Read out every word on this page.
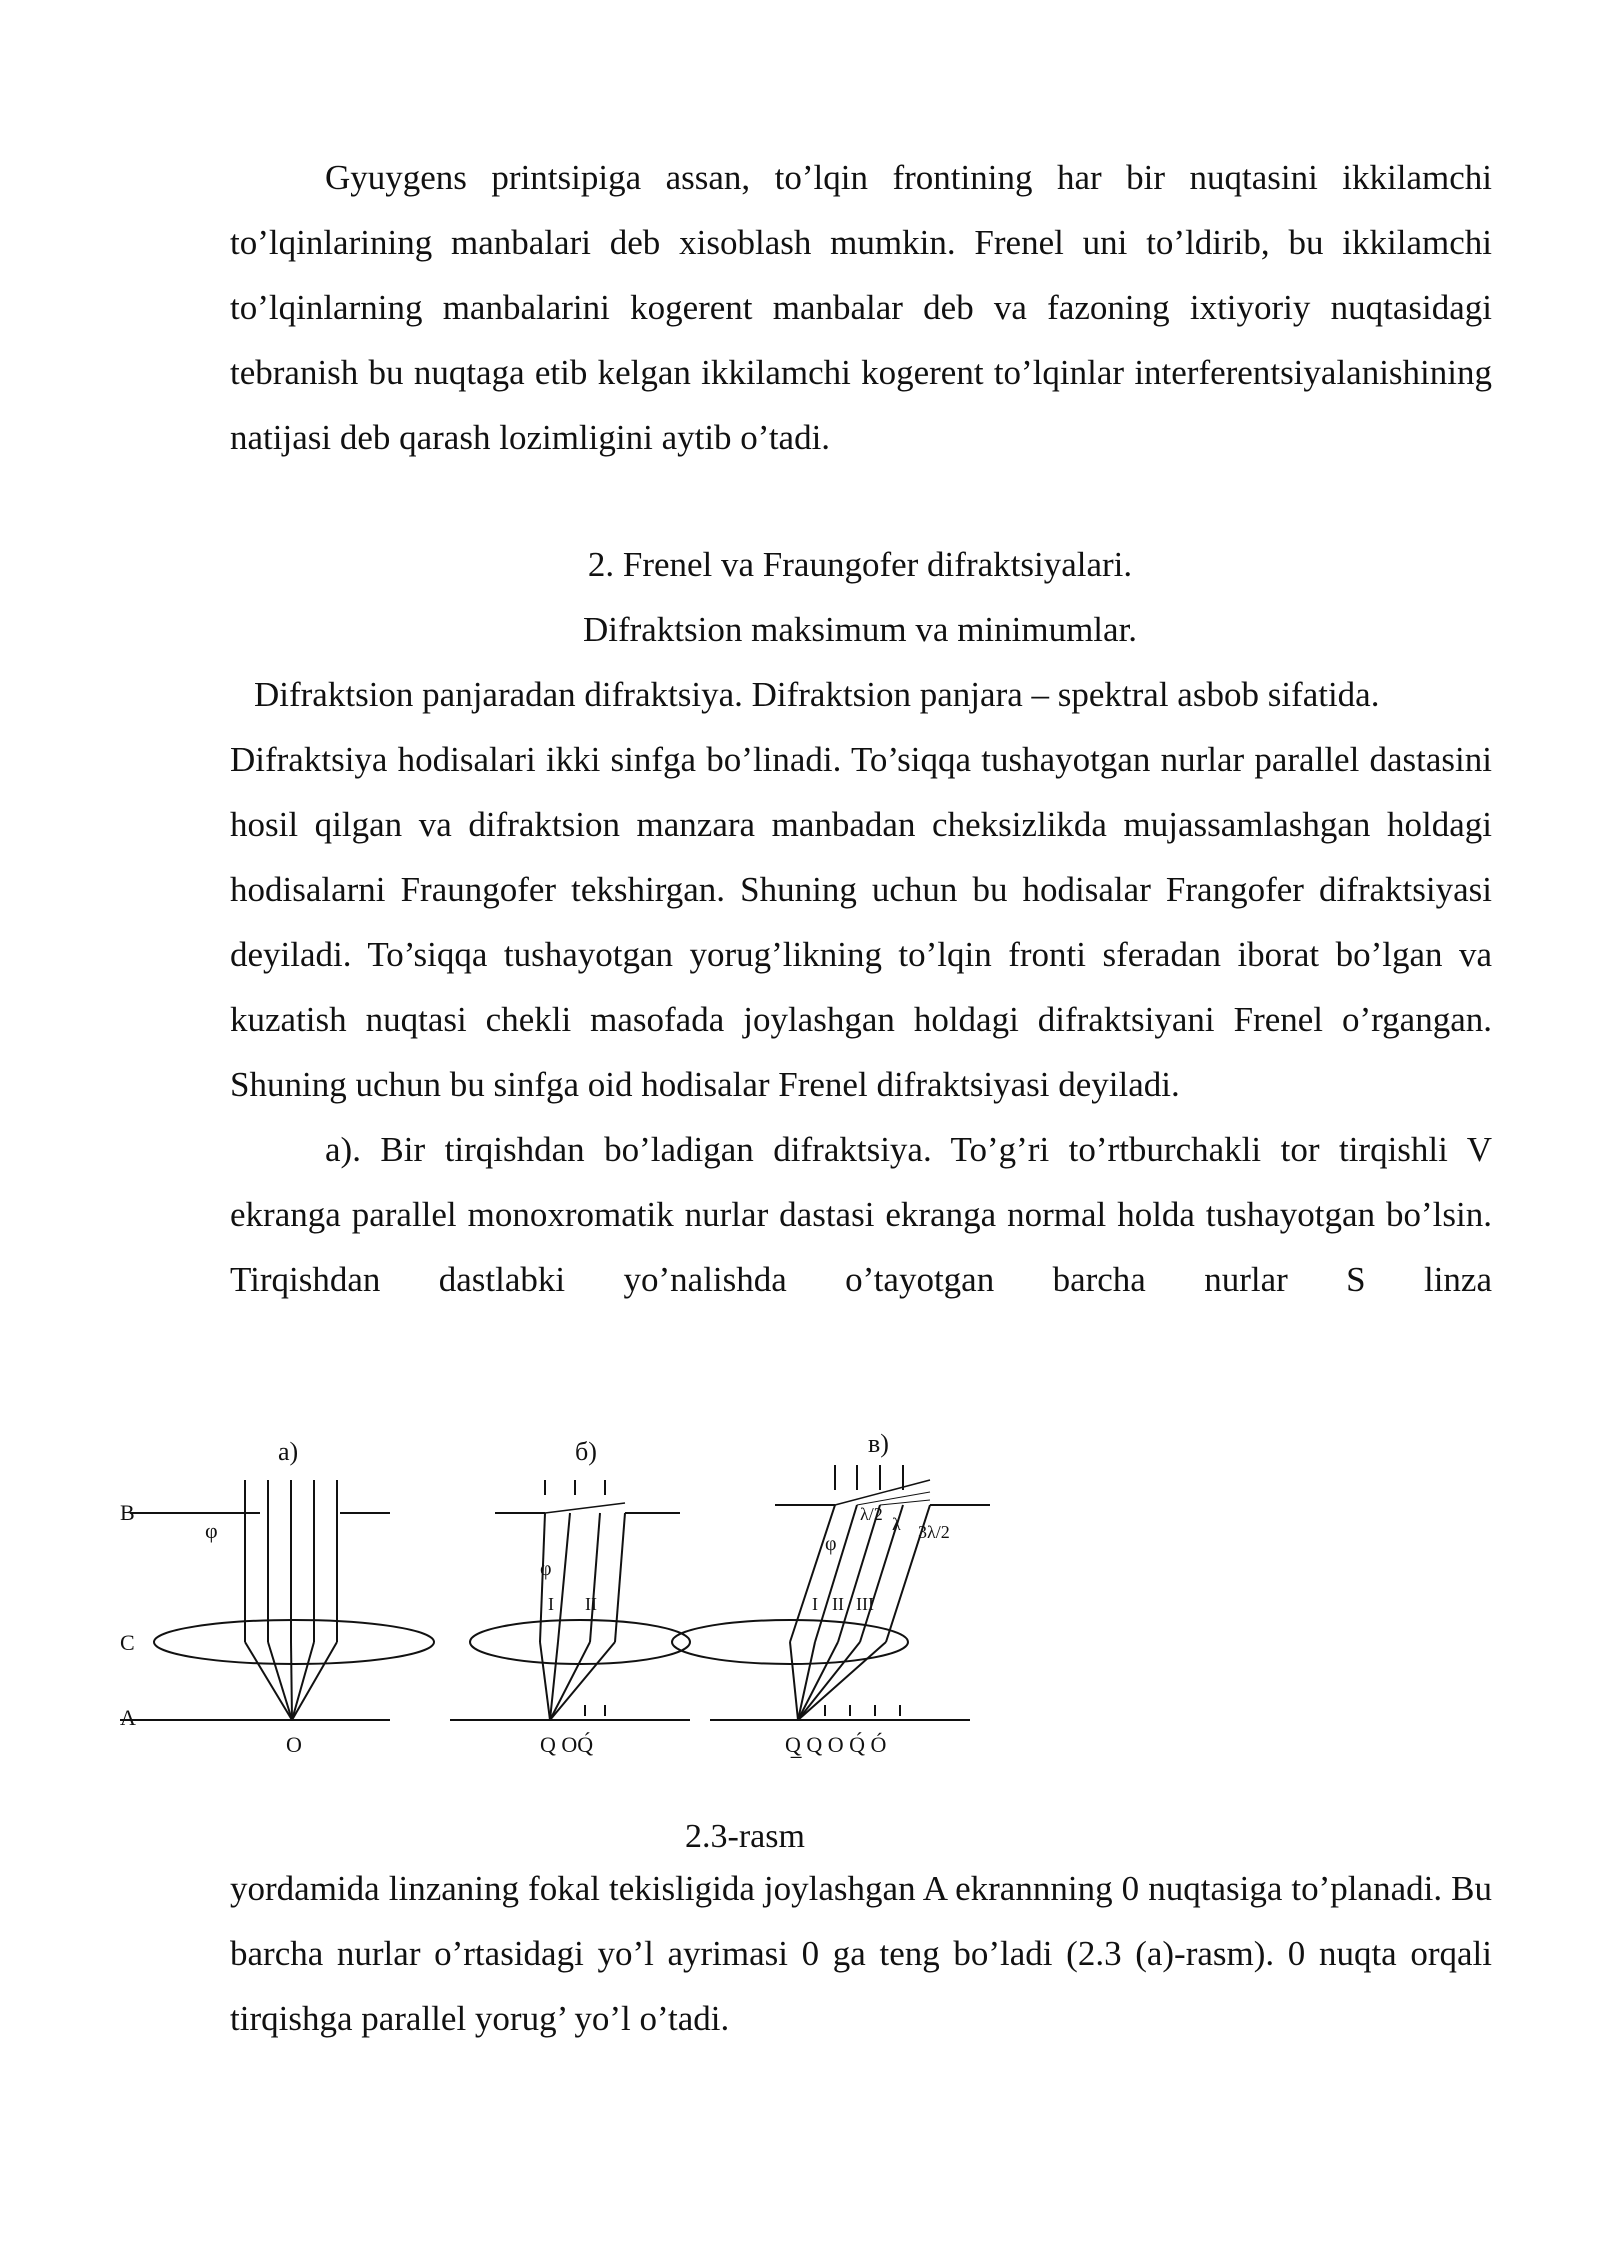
Gyuygens printsipiga assan, to’lqin frontining har bir nuqtasini ikkilamchi to’lqinlarining manbalari deb xisoblash mumkin. Frenel uni to’ldirib, bu ikkilamchi to’lqinlarning manbalarini kogerent manbalar deb va fazoning ixtiyoriy nuqtasidagi tebranish bu nuqtaga etib kelgan ikkilamchi kogerent to’lqinlar interferentsiyalanishining natijasi deb qarash lozimligini aytib o’tadi.

2. Frenel va Fraungofer difraktsiyalari.

Difraktsion maksimum va minimumlar.

Difraktsion panjaradan difraktsiya. Difraktsion panjara – spektral asbob sifatida.

Difraktsiya hodisalari ikki sinfga bo’linadi. To’siqqa tushayotgan nurlar parallel dastasini hosil qilgan va difraktsion manzara manbadan cheksizlikda mujassamlashgan holdagi hodisalarni Fraungofer tekshirgan. Shuning uchun bu hodisalar Frangofer difraktsiyasi deyiladi. To’siqqa tushayotgan yorug’likning to’lqin fronti sferadan iborat bo’lgan va kuzatish nuqtasi chekli masofada joylashgan holdagi difraktsiyani Frenel o’rgangan. Shuning uchun bu sinfga oid hodisalar Frenel difraktsiyasi deyiladi.

a). Bir tirqishdan bo’ladigan difraktsiya. To’g’ri to’rtburchakli tor tirqishli V ekranga parallel monoxromatik nurlar dastasi ekranga normal holda tushayotgan bo’lsin. Tirqishdan dastlabki yo’nalishda o’tayotgan barcha nurlar S linza

a)	б)	в)
B
C
A
φ
φ
φ
O	Q OQ́	Q̲ Q O Q́ Ó
I II	I II III
λ/2 λ 3λ/2
2.3-rasm

yordamida linzaning fokal tekisligida joylashgan A ekrannning 0 nuqtasiga to’planadi. Bu barcha nurlar o’rtasidagi yo’l ayrimasi 0 ga teng bo’ladi (2.3 (a)-rasm). 0 nuqta orqali tirqishga parallel yorug’ yo’l o’tadi.
